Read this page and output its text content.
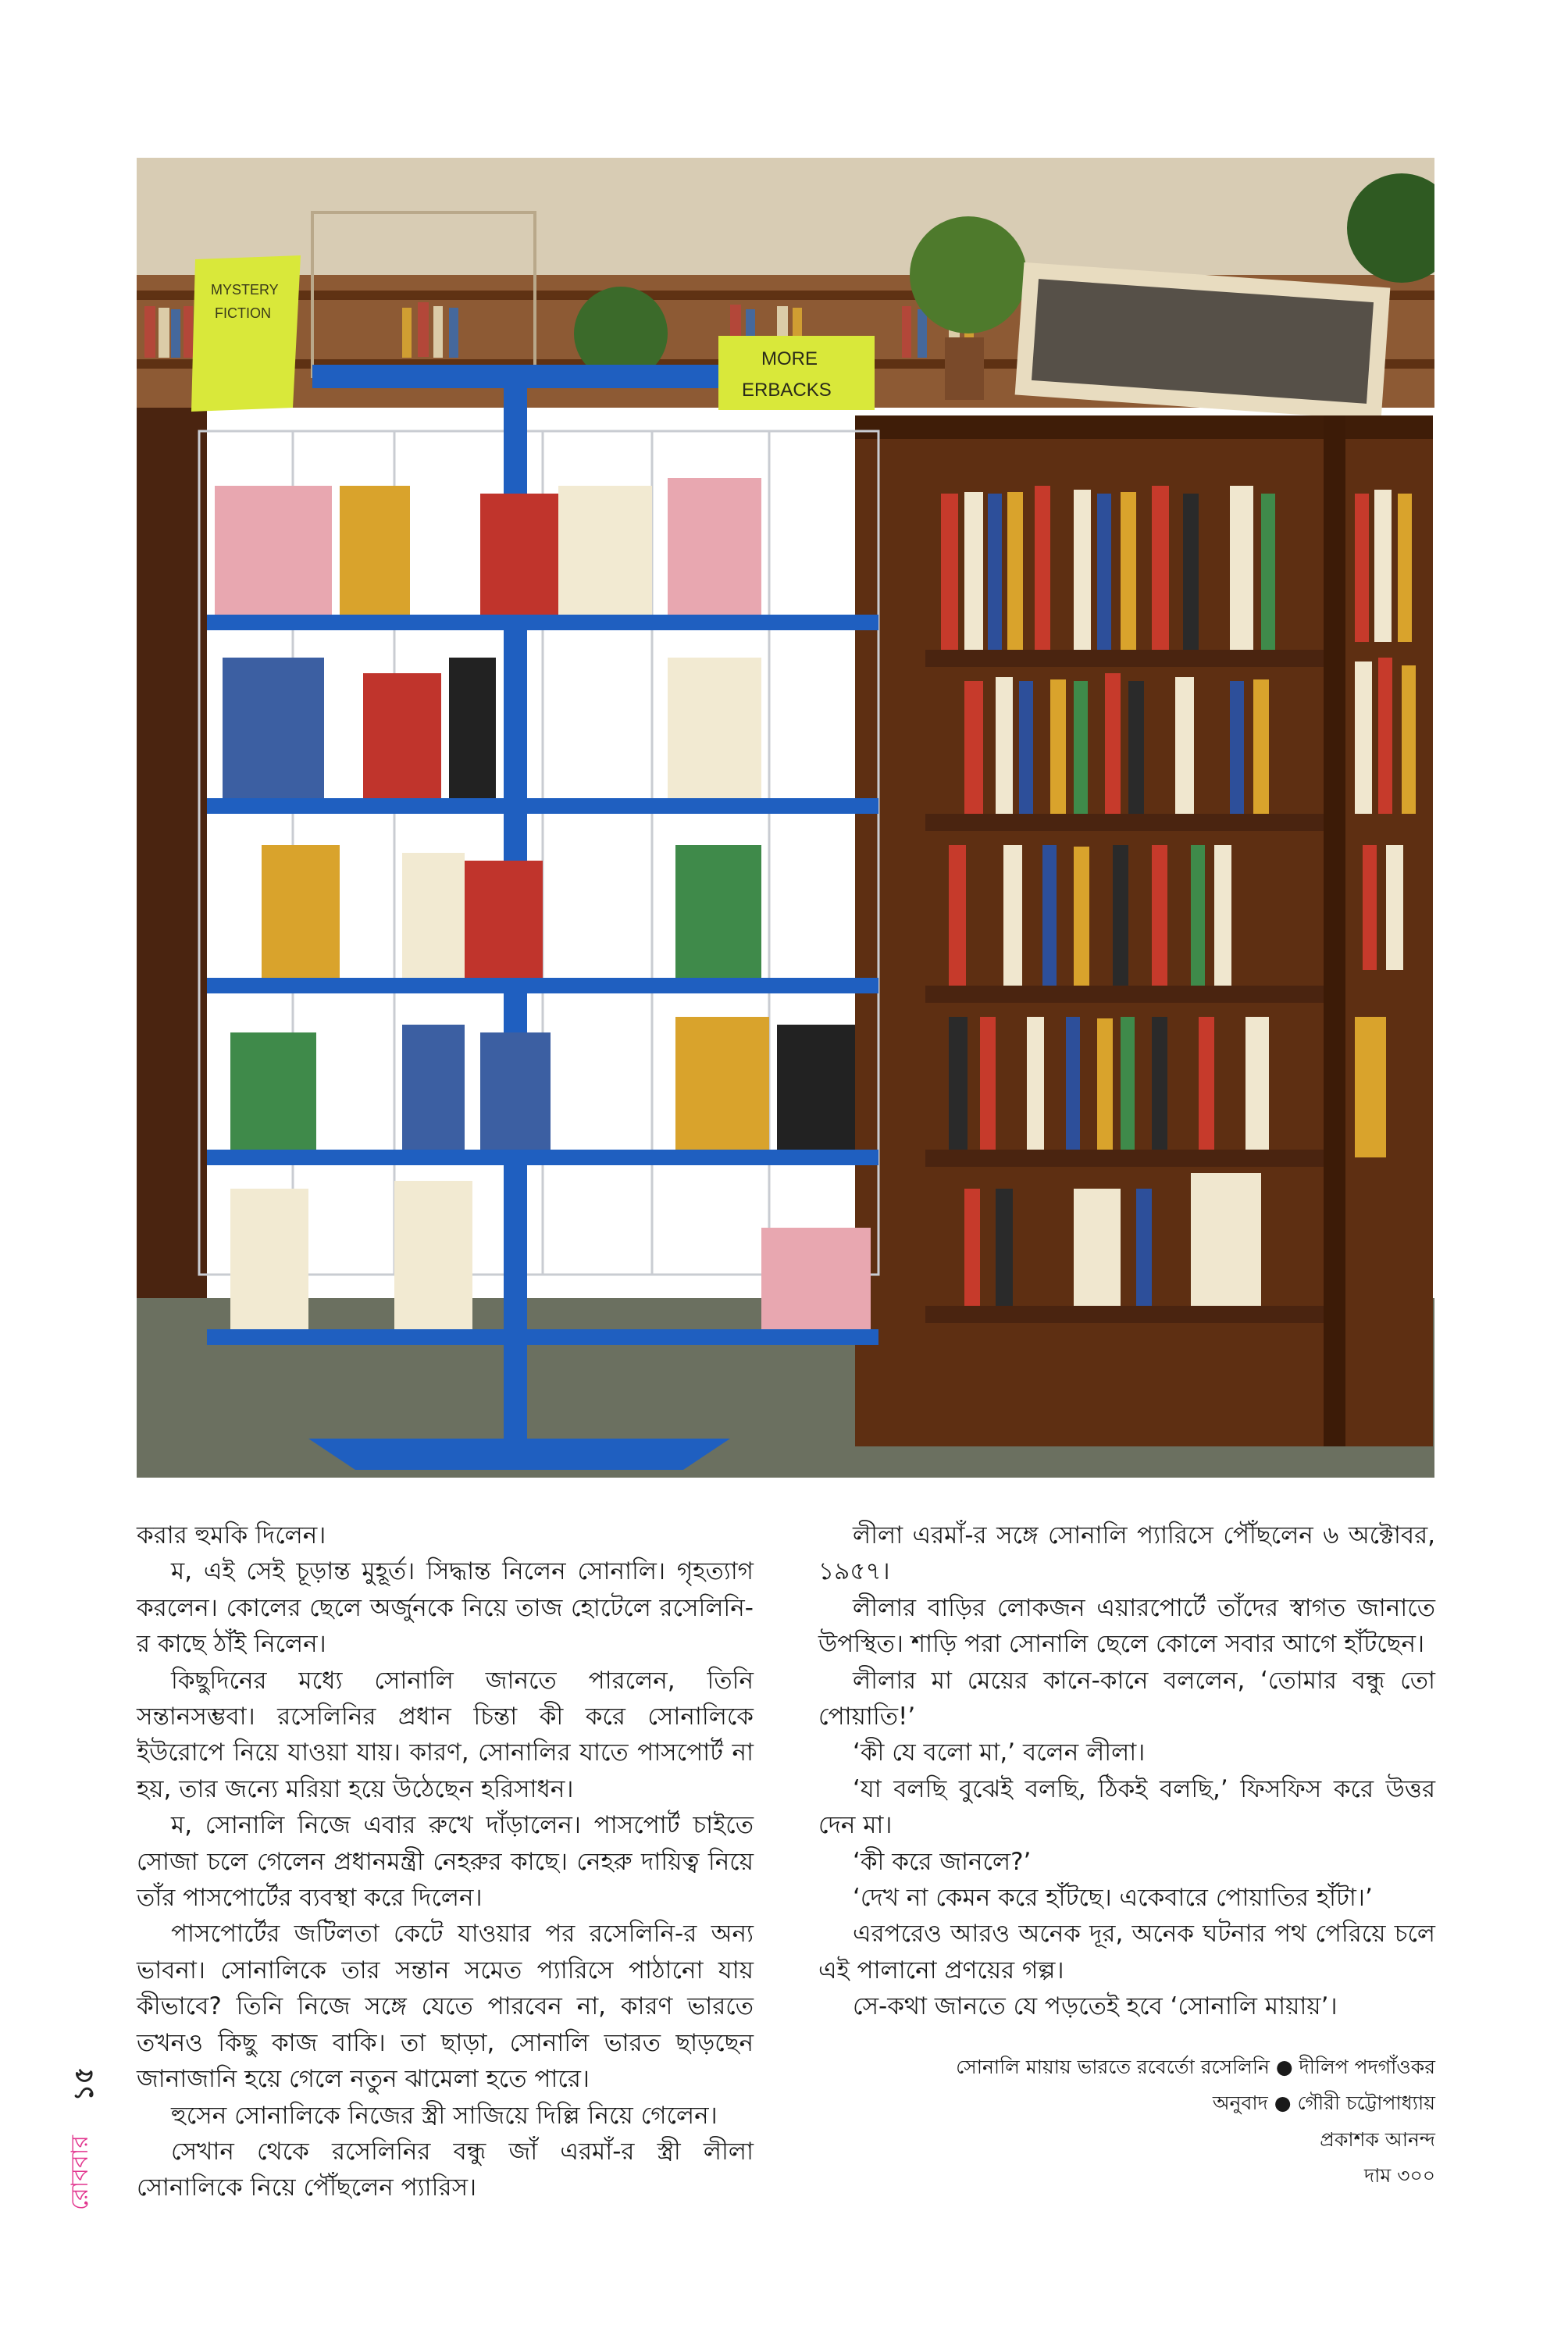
MYSTERY
FICTION
MORE
ERBACKS

করার হুমকি দিলেন।

ম, এই সেই চূড়ান্ত মুহূর্ত। সিদ্ধান্ত নিলেন সোনালি। গৃহত্যাগ করলেন। কোলের ছেলে অর্জুনকে নিয়ে তাজ হোটেলে রসেলিনি-র কাছে ঠাঁই নিলেন।

কিছুদিনের মধ্যে সোনালি জানতে পারলেন, তিনি সন্তানসম্ভবা। রসেলিনির প্রধান চিন্তা কী করে সোনালিকে ইউরোপে নিয়ে যাওয়া যায়। কারণ, সোনালির যাতে পাসপোর্ট না হয়, তার জন্যে মরিয়া হয়ে উঠেছেন হরিসাধন।

ম, সোনালি নিজে এবার রুখে দাঁড়ালেন। পাসপোর্ট চাইতে সোজা চলে গেলেন প্রধানমন্ত্রী নেহরুর কাছে। নেহরু দায়িত্ব নিয়ে তাঁর পাসপোর্টের ব্যবস্থা করে দিলেন।

পাসপোর্টের জটিলতা কেটে যাওয়ার পর রসেলিনি-র অন্য ভাবনা। সোনালিকে তার সন্তান সমেত প্যারিসে পাঠানো যায় কীভাবে? তিনি নিজে সঙ্গে যেতে পারবেন না, কারণ ভারতে তখনও কিছু কাজ বাকি। তা ছাড়া, সোনালি ভারত ছাড়ছেন জানাজানি হয়ে গেলে নতুন ঝামেলা হতে পারে।

হুসেন সোনালিকে নিজের স্ত্রী সাজিয়ে দিল্লি নিয়ে গেলেন।

সেখান থেকে রসেলিনির বন্ধু জাঁ এরমাঁ-র স্ত্রী লীলা সোনালিকে নিয়ে পৌঁছলেন প্যারিস।

লীলা এরমাঁ-র সঙ্গে সোনালি প্যারিসে পৌঁছলেন ৬ অক্টোবর, ১৯৫৭।

লীলার বাড়ির লোকজন এয়ারপোর্টে তাঁদের স্বাগত জানাতে উপস্থিত। শাড়ি পরা সোনালি ছেলে কোলে সবার আগে হাঁটছেন।

লীলার মা মেয়ের কানে-কানে বললেন, ‘তোমার বন্ধু তো পোয়াতি!’

‘কী যে বলো মা,’ বলেন লীলা।

‘যা বলছি বুঝেই বলছি, ঠিকই বলছি,’ ফিসফিস করে উত্তর দেন মা।

‘কী করে জানলে?’

‘দেখ না কেমন করে হাঁটছে। একেবারে পোয়াতির হাঁটা।’

এরপরেও আরও অনেক দূর, অনেক ঘটনার পথ পেরিয়ে চলে এই পালানো প্রণয়ের গল্প।

সে-কথা জানতে যে পড়তেই হবে ‘সোনালি মায়ায়’।

সোনালি মায়ায় ভারতে রবের্তো রসেলিনি ● দীলিপ পদগাঁওকর
অনুবাদ ● গৌরী চট্টোপাধ্যায়
প্রকাশক আনন্দ
দাম ৩০০
১৫
রোববার
